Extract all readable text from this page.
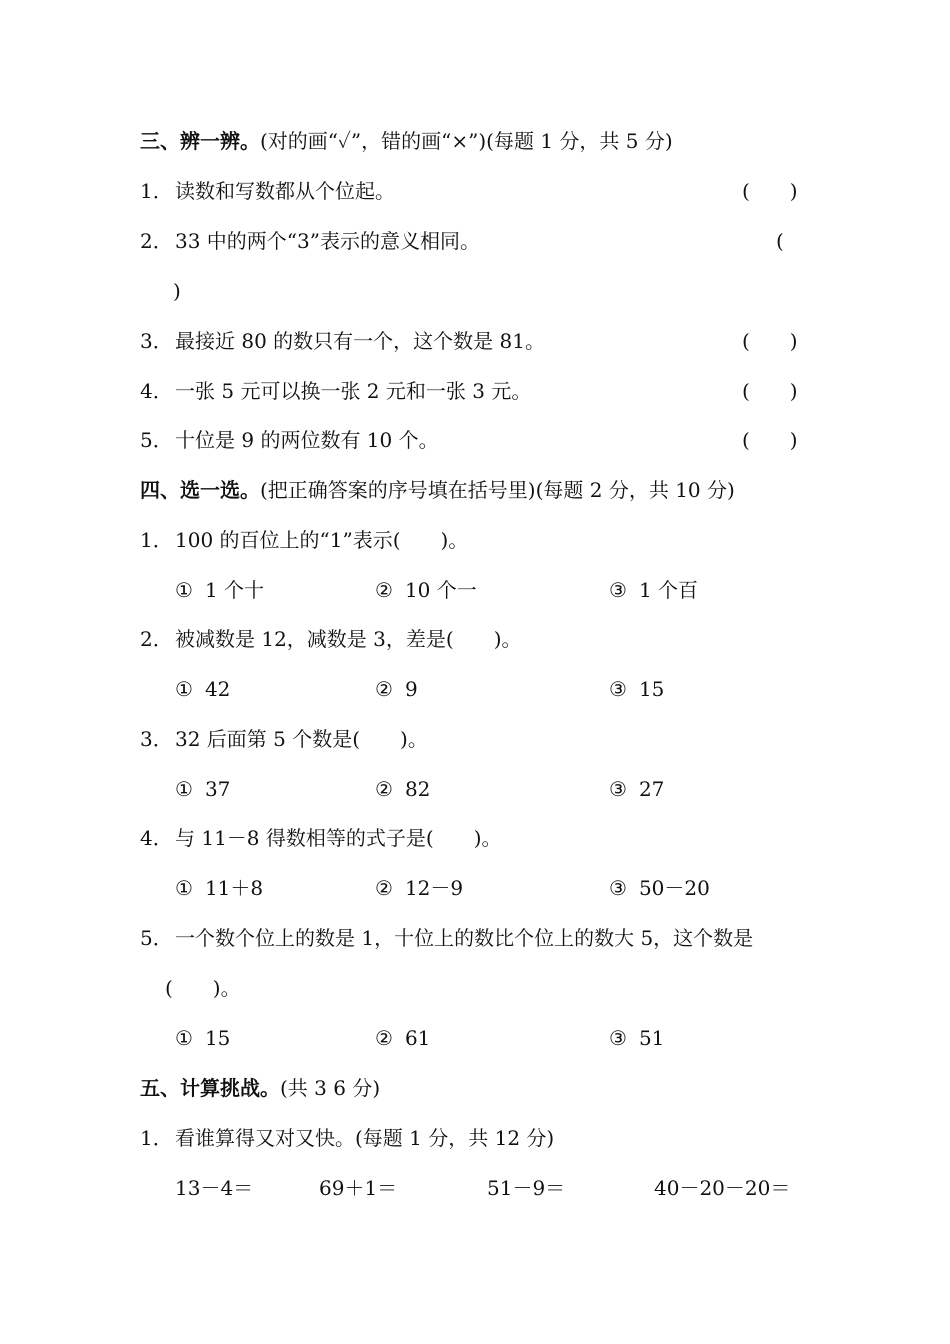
三、辨一辨。(对的画“✓”，错的画“×”)(每题 1 分，共 5 分)
1． 读数和写数都从个位起。	(　　)
2． 33 中的两个“3”表示的意义相同。	(
)
3． 最接近 80 的数只有一个，这个数是 81。	(　　)
4． 一张 5 元可以换一张 2 元和一张 3 元。	(　　)
5． 十位是 9 的两位数有 10 个。	(　　)
四、选一选。(把正确答案的序号填在括号里)(每题 2 分，共 10 分)
1． 100 的百位上的“1”表示(　　)。
① 1 个十	② 10 个一	③ 1 个百
2． 被减数是 12，减数是 3，差是(　　)。
① 42	② 9	③ 15
3． 32 后面第 5 个数是(　　)。
① 37	② 82	③ 27
4． 与 11－8 得数相等的式子是(　　)。
① 11＋8	② 12－9	③ 50－20
5． 一个数个位上的数是 1，十位上的数比个位上的数大 5，这个数是
(　　)。
① 15	② 61	③ 51
五、计算挑战。(共 3 6 分)
1． 看谁算得又对又快。(每题 1 分，共 12 分)
13－4＝	69＋1＝	51－9＝	40－20－20＝
